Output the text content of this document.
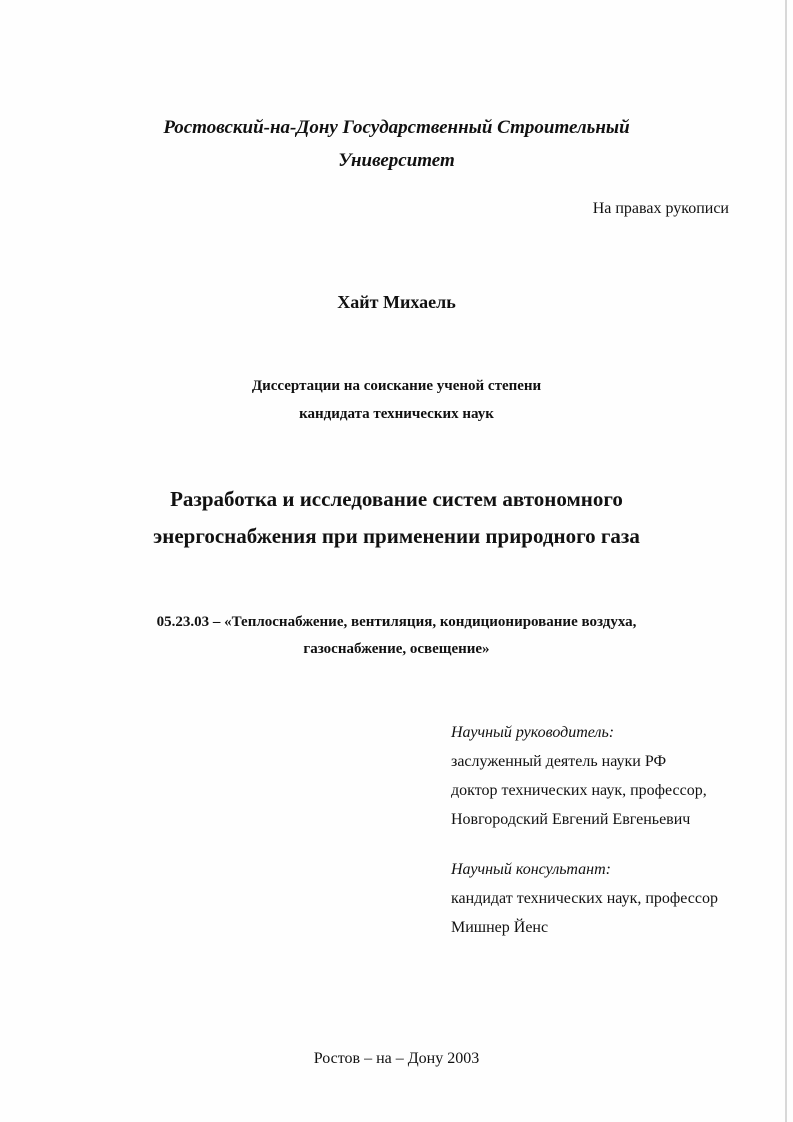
Ростовский-на-Дону Государственный Строительный
Университет
На правах рукописи
Хайт Михаель
Диссертации на соискание ученой степени
кандидата технических наук
Разработка и исследование систем автономного
энергоснабжения при применении природного газа
05.23.03 – «Теплоснабжение, вентиляция, кондиционирование воздуха,
газоснабжение, освещение»
Научный руководитель:
заслуженный деятель науки РФ
доктор технических наук, профессор,
Новгородский Евгений Евгеньевич
Научный консультант:
кандидат технических наук, профессор
Мишнер Йенс
Ростов – на – Дону 2003
